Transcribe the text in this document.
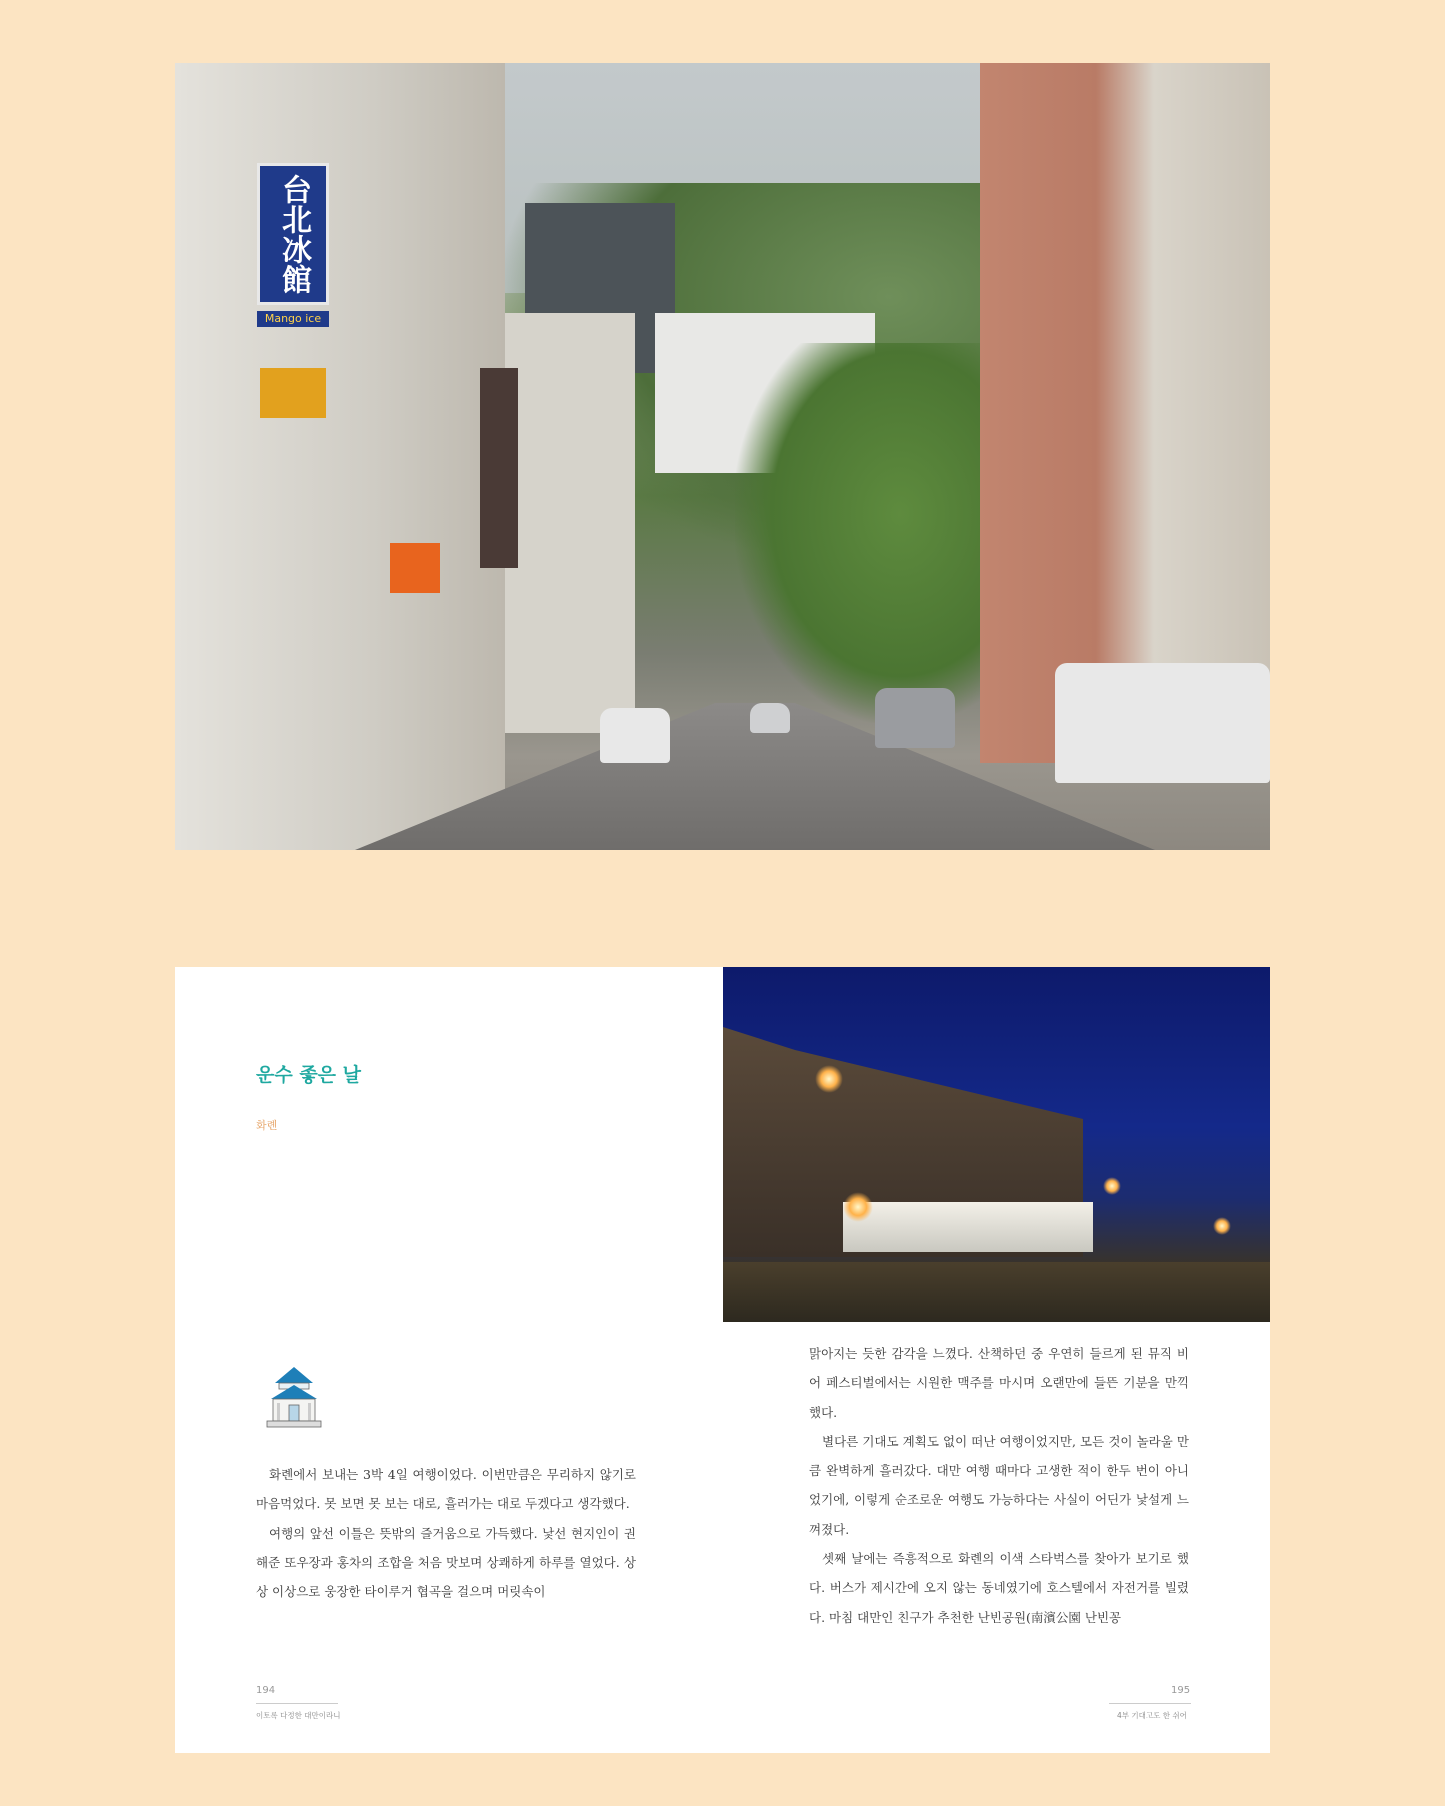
台北冰館
Mango ice
운수 좋은 날
화롄

화롄에서 보내는 3박 4일 여행이었다. 이번만큼은 무리하지 않기로 마음먹었다. 못 보면 못 보는 대로, 흘러가는 대로 두겠다고 생각했다.

여행의 앞선 이틀은 뜻밖의 즐거움으로 가득했다. 낯선 현지인이 권해준 또우장과 홍차의 조합을 처음 맛보며 상쾌하게 하루를 열었다. 상상 이상으로 웅장한 타이루거 협곡을 걸으며 머릿속이

194
이토록 다정한 대만이라니

맑아지는 듯한 감각을 느꼈다. 산책하던 중 우연히 들르게 된 뮤직 비어 페스티벌에서는 시원한 맥주를 마시며 오랜만에 들뜬 기분을 만끽했다.

별다른 기대도 계획도 없이 떠난 여행이었지만, 모든 것이 놀라울 만큼 완벽하게 흘러갔다. 대만 여행 때마다 고생한 적이 한두 번이 아니었기에, 이렇게 순조로운 여행도 가능하다는 사실이 어딘가 낯설게 느껴졌다.

셋째 날에는 즉흥적으로 화롄의 이색 스타벅스를 찾아가 보기로 했다. 버스가 제시간에 오지 않는 동네였기에 호스텔에서 자전거를 빌렸다. 마침 대만인 친구가 추천한 난빈공원(南濱公園 난빈꽁

195
4부 기대고도 한 쉬어
